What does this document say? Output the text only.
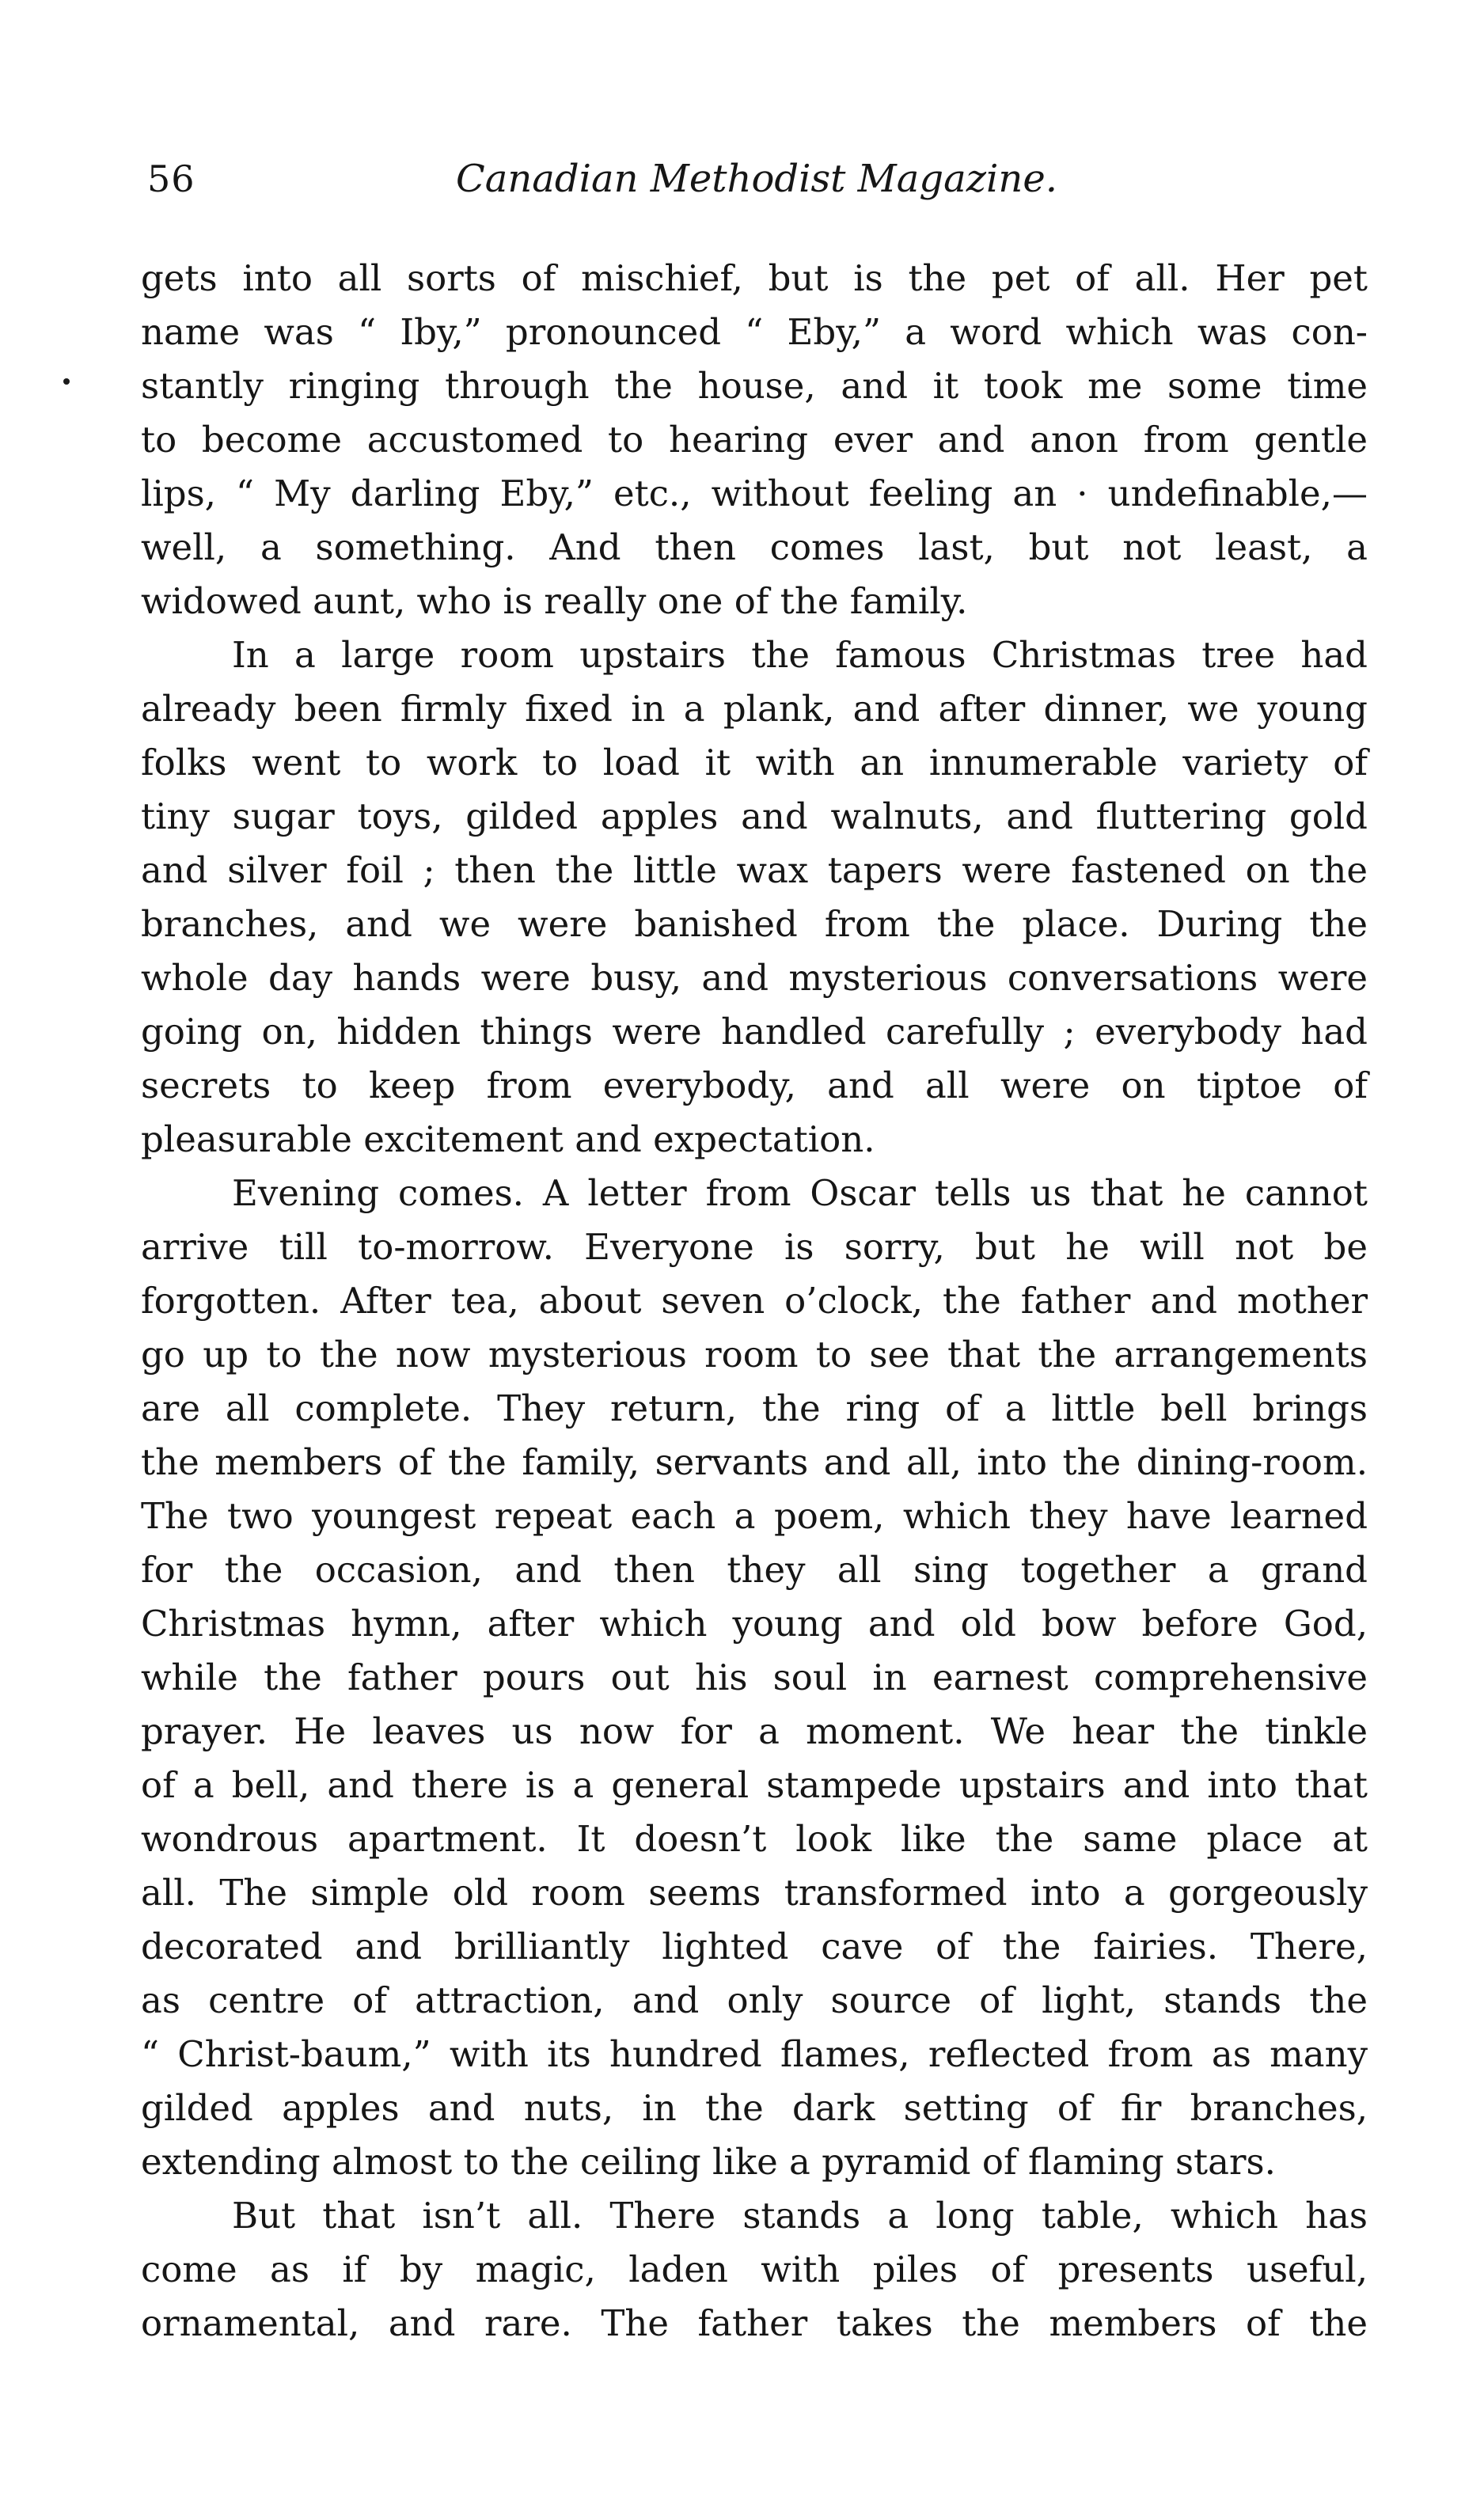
56	Canadian Methodist Magazine.
gets into all sorts of mischief, but is the pet of all. Her pet
name was “ Iby,” pronounced “ Eby,” a word which was con-
stantly ringing through the house, and it took me some time
to become accustomed to hearing ever and anon from gentle
lips, “ My darling Eby,” etc., without feeling an · undefinable,—
well, a something. And then comes last, but not least, a
widowed aunt, who is really one of the family.
In a large room upstairs the famous Christmas tree had
already been firmly fixed in a plank, and after dinner, we young
folks went to work to load it with an innumerable variety of
tiny sugar toys, gilded apples and walnuts, and fluttering gold
and silver foil ; then the little wax tapers were fastened on the
branches, and we were banished from the place. During the
whole day hands were busy, and mysterious conversations were
going on, hidden things were handled carefully ; everybody had
secrets to keep from everybody, and all were on tiptoe of
pleasurable excitement and expectation.
Evening comes. A letter from Oscar tells us that he cannot
arrive till to-morrow. Everyone is sorry, but he will not be
forgotten. After tea, about seven o’clock, the father and mother
go up to the now mysterious room to see that the arrangements
are all complete. They return, the ring of a little bell brings
the members of the family, servants and all, into the dining-room.
The two youngest repeat each a poem, which they have learned
for the occasion, and then they all sing together a grand
Christmas hymn, after which young and old bow before God,
while the father pours out his soul in earnest comprehensive
prayer. He leaves us now for a moment. We hear the tinkle
of a bell, and there is a general stampede upstairs and into that
wondrous apartment. It doesn’t look like the same place at
all. The simple old room seems transformed into a gorgeously
decorated and brilliantly lighted cave of the fairies. There,
as centre of attraction, and only source of light, stands the
“ Christ-baum,” with its hundred flames, reflected from as many
gilded apples and nuts, in the dark setting of fir branches,
extending almost to the ceiling like a pyramid of flaming stars.
But that isn’t all. There stands a long table, which has
come as if by magic, laden with piles of presents useful,
ornamental, and rare. The father takes the members of the
